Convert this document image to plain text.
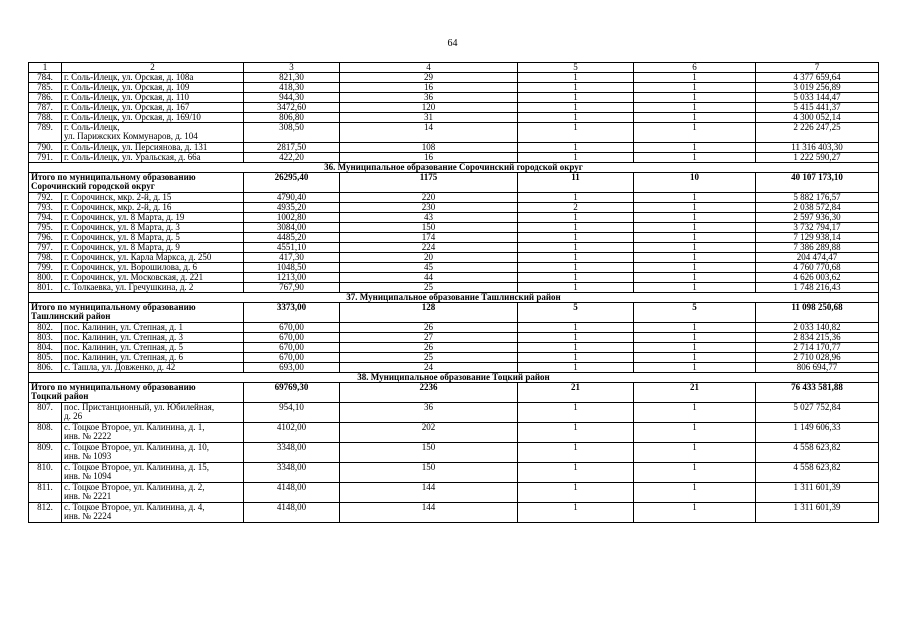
64
1	2	3	4	5	6	7
784.	г. Соль-Илецк, ул. Орская, д. 108а	821,30	29	1	1	4 377 659,64
785.	г. Соль-Илецк, ул. Орская, д. 109	418,30	16	1	1	3 019 256,89
786.	г. Соль-Илецк, ул. Орская, д. 110	944,30	36	1	1	5 033 144,47
787.	г. Соль-Илецк, ул. Орская, д. 167	3472,60	120	1	1	5 415 441,37
788.	г. Соль-Илецк, ул. Орская, д. 169/10	806,80	31	1	1	4 300 052,14
789.	г. Соль-Илецк,
ул. Парижских Коммунаров, д. 104	308,50	14	1	1	2 226 247,25
790.	г. Соль-Илецк, ул. Персиянова, д. 131	2817,50	108	1	1	11 316 403,30
791.	г. Соль-Илецк, ул. Уральская, д. 66а	422,20	16	1	1	1 222 590,27
36. Муниципальное образование Сорочинский городской округ						
Итого по муниципальному образованию
Сорочинский городской округ		26295,40	1175	11	10	40 107 173,10
792.	г. Сорочинск, мкр. 2-й, д. 15	4790,40	220	1	1	5 882 176,57
793.	г. Сорочинск, мкр. 2-й, д. 16	4935,20	230	2	1	2 038 572,84
794.	г. Сорочинск, ул. 8 Марта, д. 19	1002,80	43	1	1	2 597 936,30
795.	г. Сорочинск, ул. 8 Марта, д. 3	3084,00	150	1	1	3 732 794,17
796.	г. Сорочинск, ул. 8 Марта, д. 5	4485,20	174	1	1	7 129 938,14
797.	г. Сорочинск, ул. 8 Марта, д. 9	4551,10	224	1	1	7 386 289,88
798.	г. Сорочинск, ул. Карла Маркса, д. 250	417,30	20	1	1	204 474,47
799.	г. Сорочинск, ул. Ворошилова, д. 6	1048,50	45	1	1	4 760 770,68
800.	г. Сорочинск, ул. Московская, д. 221	1213,00	44	1	1	4 626 003,62
801.	с. Толкаевка, ул. Гречушкина, д. 2	767,90	25	1	1	1 748 216,43
37. Муниципальное образование Ташлинский район						
Итого по муниципальному образованию
Ташлинский район		3373,00	128	5	5	11 098 250,68
802.	пос. Калинин, ул. Степная, д. 1	670,00	26	1	1	2 033 140,82
803.	пос. Калинин, ул. Степная, д. 3	670,00	27	1	1	2 834 215,36
804.	пос. Калинин, ул. Степная, д. 5	670,00	26	1	1	2 714 170,77
805.	пос. Калинин, ул. Степная, д. 6	670,00	25	1	1	2 710 028,96
806.	с. Ташла, ул. Довженко, д. 42	693,00	24	1	1	806 694,77
38. Муниципальное образование Тоцкий район						
Итого по муниципальному образованию
Тоцкий район		69769,30	2236	21	21	76 433 581,88
807.	пос. Пристанционный, ул. Юбилейная,
д. 26	954,10	36	1	1	5 027 752,84
808.	с. Тоцкое Второе, ул. Калинина, д. 1,
инв. № 2222	4102,00	202	1	1	1 149 606,33
809.	с. Тоцкое Второе, ул. Калинина, д. 10,
инв. № 1093	3348,00	150	1	1	4 558 623,82
810.	с. Тоцкое Второе, ул. Калинина, д. 15,
инв. № 1094	3348,00	150	1	1	4 558 623,82
811.	с. Тоцкое Второе, ул. Калинина, д. 2,
инв. № 2221	4148,00	144	1	1	1 311 601,39
812.	с. Тоцкое Второе, ул. Калинина, д. 4,
инв. № 2224	4148,00	144	1	1	1 311 601,39
